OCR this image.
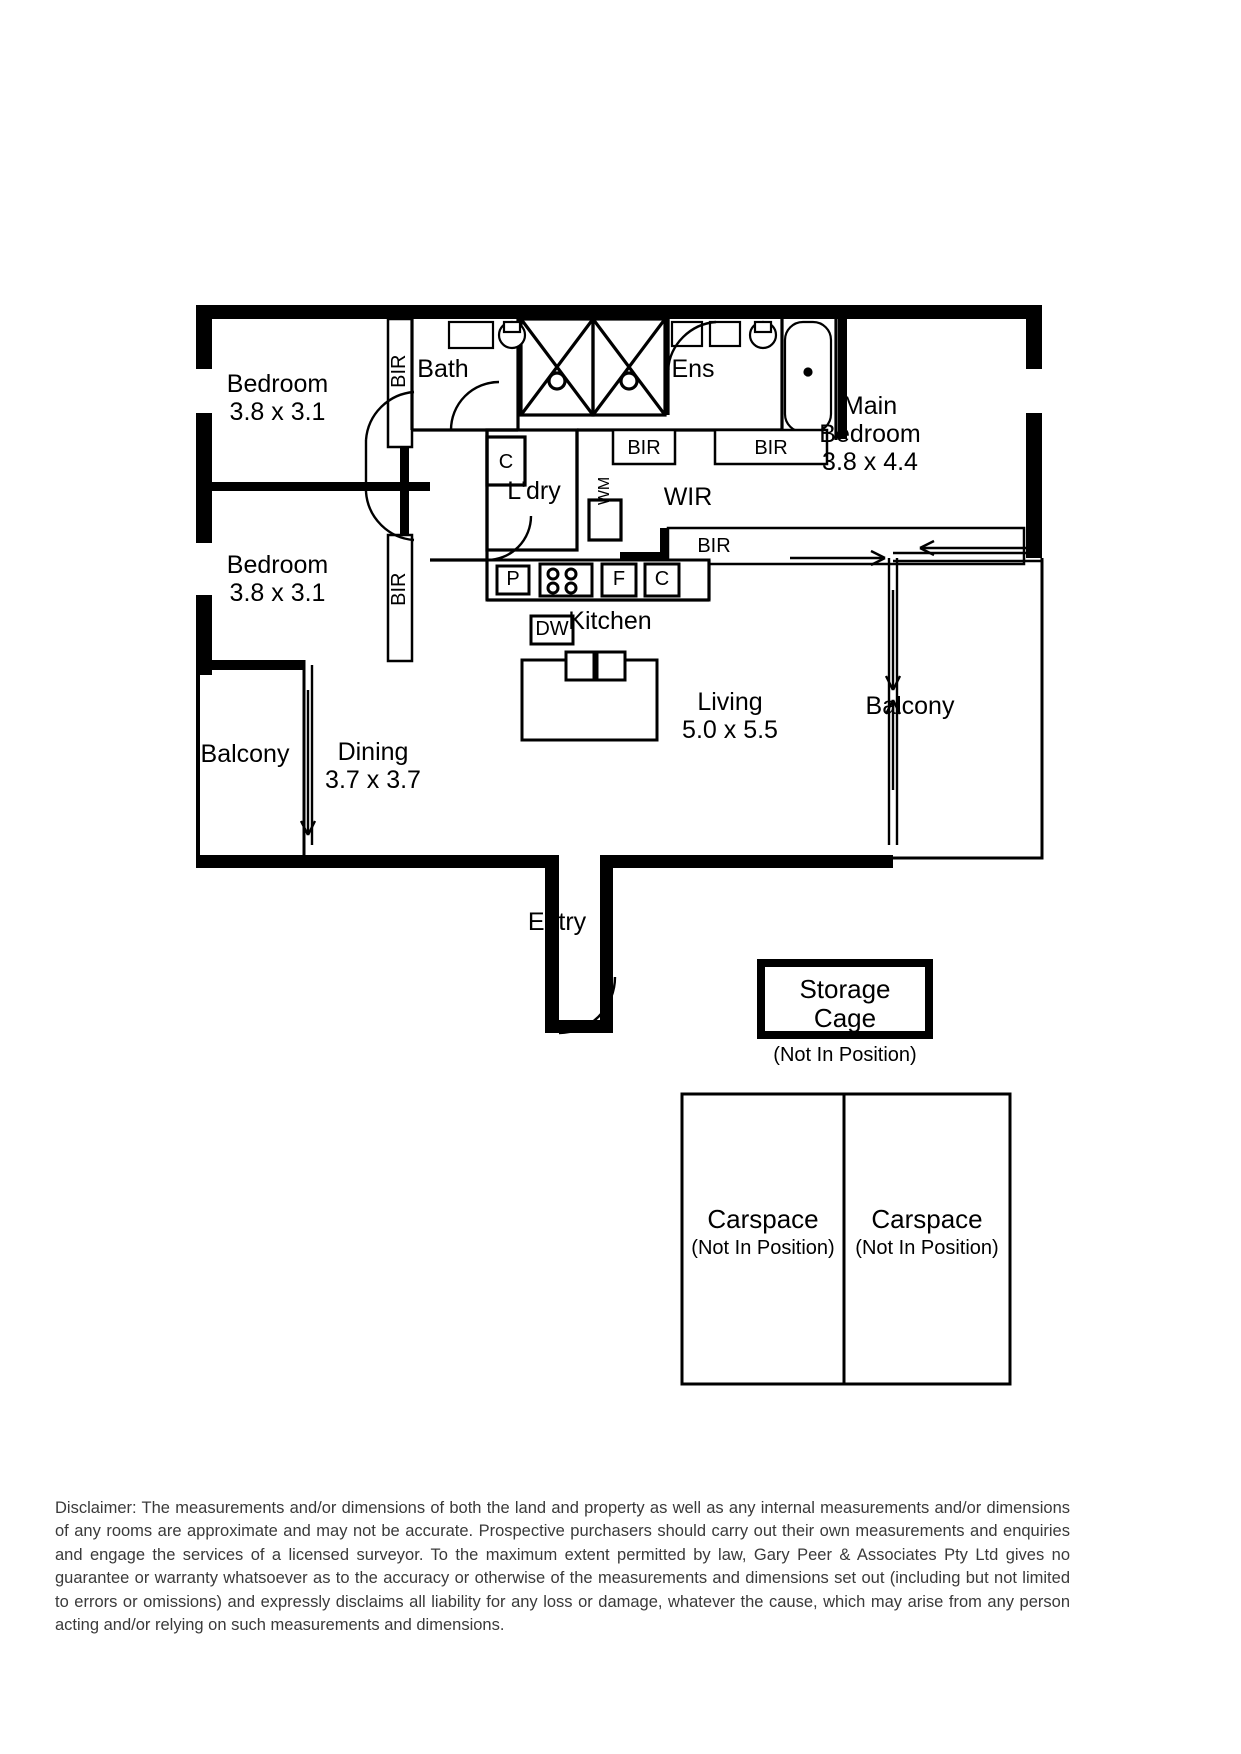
Bedroom
3.8 x 3.1
Bedroom
3.8 x 3.1
Main
Bedroom
3.8 x 4.4
Living
5.0 x 5.5
Dining
3.7 x 3.7
Kitchen
Bath	Ens
L'dry	WIR
Entry
Balcony
Balcony
BIR
BIR
BIR	BIR
BIR
WM
C
C
P	F
DW
Storage
Cage
(Not In Position)
Carspace
(Not In Position)
Carspace
(Not In Position)
Disclaimer: The measurements and/or dimensions of both the land and property as well as any internal measurements and/or dimensions of any rooms are approximate and may not be accurate. Prospective purchasers should carry out their own measurements and enquiries and engage the services of a licensed surveyor. To the maximum extent permitted by law, Gary Peer & Associates Pty Ltd gives no guarantee or warranty whatsoever as to the accuracy or otherwise of the measurements and dimensions set out (including but not limited to errors or omissions) and expressly disclaims all liability for any loss or damage, whatever the cause, which may arise from any person acting and/or relying on such measurements and dimensions.
